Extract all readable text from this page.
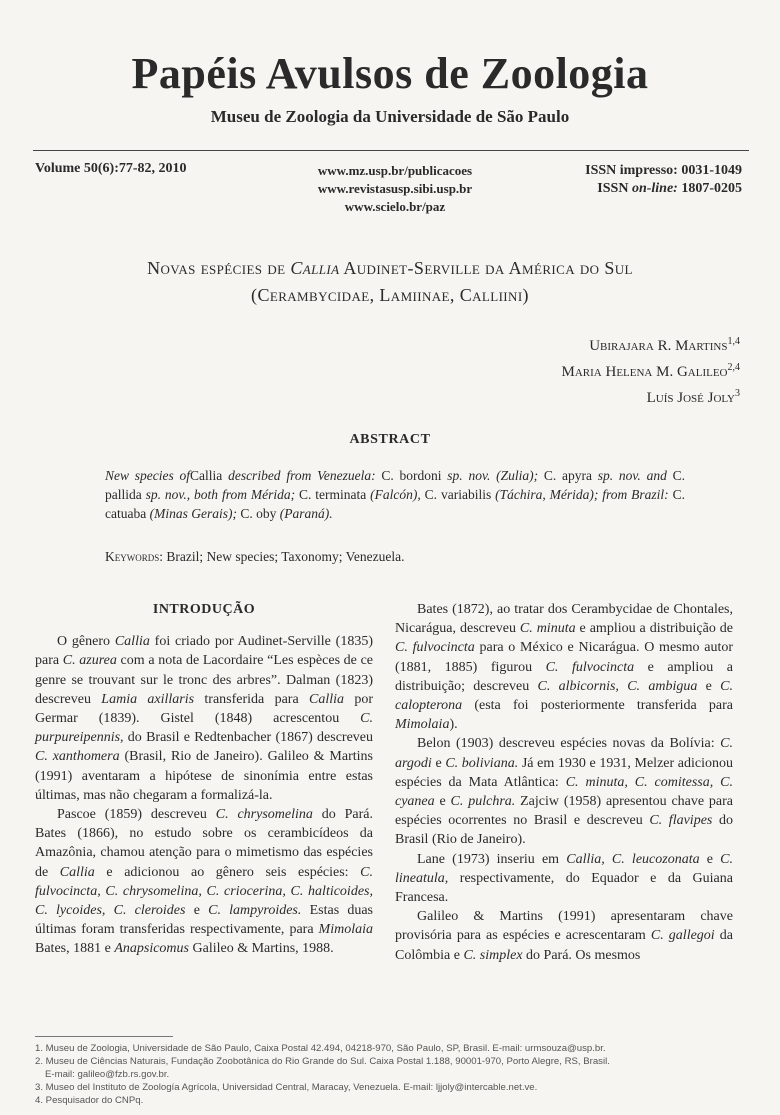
Papéis Avulsos de Zoologia
Museu de Zoologia da Universidade de São Paulo
Volume 50(6):77-82, 2010	www.mz.usp.br/publicacoes
www.revistasusp.sibi.usp.br
www.scielo.br/paz
ISSN impresso: 0031-1049
ISSN on-line: 1807-0205
Novas espécies de Callia Audinet-Serville da América do Sul
(Cerambycidae, Lamiinae, Calliini)
Ubirajara R. Martins$^{1,4}$
Maria Helena M. Galileo$^{2,4}$
Luís José Joly$^3$
ABSTRACT
New species ofCallia described from Venezuela: C. bordoni sp. nov. (Zulia); C. apyra sp. nov. and C. pallida sp. nov., both from Mérida; C. terminata (Falcón), C. variabilis (Táchira, Mérida); from Brazil: C. catuaba (Minas Gerais); C. oby (Paraná).
Keywords: Brazil; New species; Taxonomy; Venezuela.
INTRODUÇÃO

O gênero Callia foi criado por Audinet-Serville (1835) para C. azurea com a nota de Lacordaire “Les espèces de ce genre se trouvant sur le tronc des arbres”. Dalman (1823) descreveu Lamia axillaris transferida para Callia por Germar (1839). Gistel (1848) acrescentou C. purpureipennis, do Brasil e Redtenbacher (1867) descreveu C. xanthomera (Brasil, Rio de Janeiro). Galileo & Martins (1991) aventaram a hipótese de sinonímia entre estas últimas, mas não chegaram a formalizá-la.

Pascoe (1859) descreveu C. chrysomelina do Pará. Bates (1866), no estudo sobre os cerambicídeos da Amazônia, chamou atenção para o mimetismo das espécies de Callia e adicionou ao gênero seis espécies: C. fulvocincta, C. chrysomelina, C. criocerina, C. halticoides, C. lycoides, C. cleroides e C. lampyroides. Estas duas últimas foram transferidas respectivamente, para Mimolaia Bates, 1881 e Anapsicomus Galileo & Martins, 1988.

Bates (1872), ao tratar dos Cerambycidae de Chontales, Nicarágua, descreveu C. minuta e ampliou a distribuição de C. fulvocincta para o México e Nicarágua. O mesmo autor (1881, 1885) figurou C. fulvocincta e ampliou a distribuição; descreveu C. albicornis, C. ambigua e C. calopterona (esta foi posteriormente transferida para Mimolaia).

Belon (1903) descreveu espécies novas da Bolívia: C. argodi e C. boliviana. Já em 1930 e 1931, Melzer adicionou espécies da Mata Atlântica: C. minuta, C. comitessa, C. cyanea e C. pulchra. Zajciw (1958) apresentou chave para espécies ocorrentes no Brasil e descreveu C. flavipes do Brasil (Rio de Janeiro).

Lane (1973) inseriu em Callia, C. leucozonata e C. lineatula, respectivamente, do Equador e da Guiana Francesa.

Galileo & Martins (1991) apresentaram chave provisória para as espécies e acrescentaram C. gallegoi da Colômbia e C. simplex do Pará. Os mesmos

1. Museu de Zoologia, Universidade de São Paulo, Caixa Postal 42.494, 04218-970, São Paulo, SP, Brasil. E-mail: urmsouza@usp.br.
2. Museu de Ciências Naturais, Fundação Zoobotânica do Rio Grande do Sul. Caixa Postal 1.188, 90001-970, Porto Alegre, RS, Brasil.
E-mail: galileo@fzb.rs.gov.br.
3. Museo del Instituto de Zoología Agrícola, Universidad Central, Maracay, Venezuela. E-mail: ljjoly@intercable.net.ve.
4. Pesquisador do CNPq.
